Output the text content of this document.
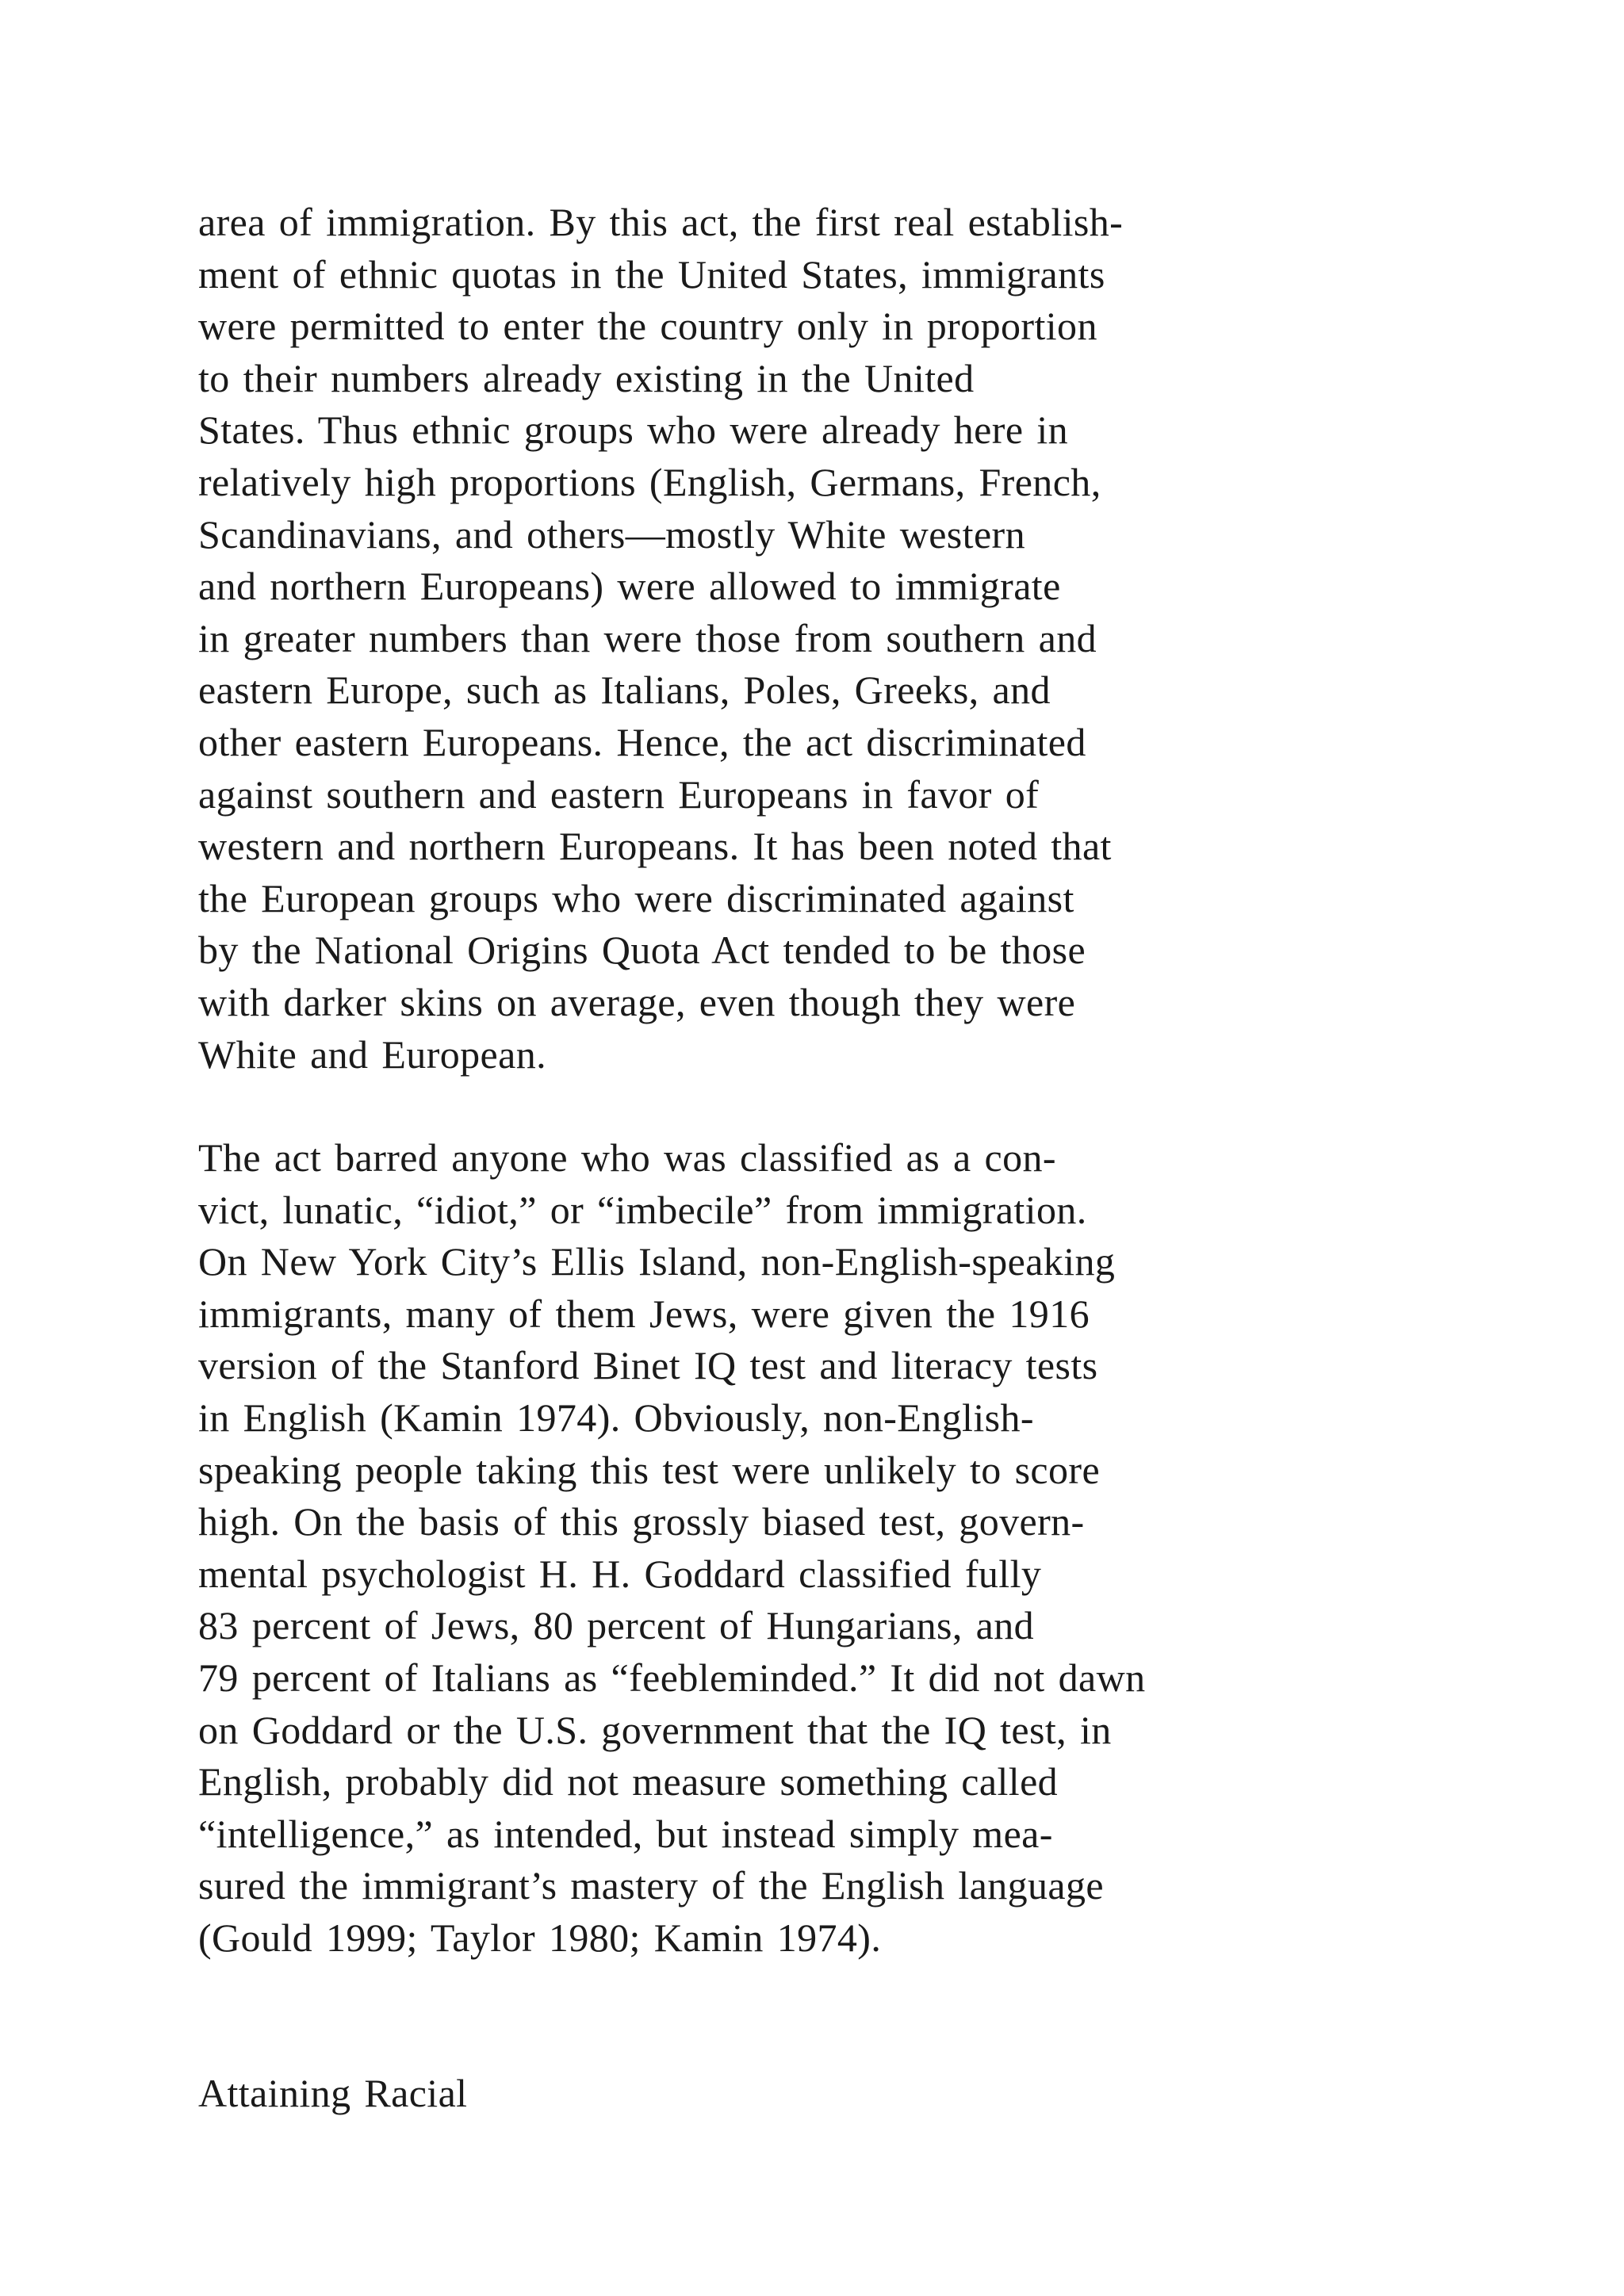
area of immigration. By this act, the first real establish-
ment of ethnic quotas in the United States, immigrants
were permitted to enter the country only in proportion
to their numbers already existing in the United
States. Thus ethnic groups who were already here in
relatively high proportions (English, Germans, French,
Scandinavians, and others—mostly White western
and northern Europeans) were allowed to immigrate
in greater numbers than were those from southern and
eastern Europe, such as Italians, Poles, Greeks, and
other eastern Europeans. Hence, the act discriminated
against southern and eastern Europeans in favor of
western and northern Europeans. It has been noted that
the European groups who were discriminated against
by the National Origins Quota Act tended to be those
with darker skins on average, even though they were
White and European.
The act barred anyone who was classified as a con-
vict, lunatic, “idiot,” or “imbecile” from immigration.
On New York City’s Ellis Island, non-English-speaking
immigrants, many of them Jews, were given the 1916
version of the Stanford Binet IQ test and literacy tests
in English (Kamin 1974). Obviously, non-English-
speaking people taking this test were unlikely to score
high. On the basis of this grossly biased test, govern-
mental psychologist H. H. Goddard classified fully
83 percent of Jews, 80 percent of Hungarians, and
79 percent of Italians as “feebleminded.” It did not dawn
on Goddard or the U.S. government that the IQ test, in
English, probably did not measure something called
“intelligence,” as intended, but instead simply mea-
sured the immigrant’s mastery of the English language
(Gould 1999; Taylor 1980; Kamin 1974).
Attaining Racial
